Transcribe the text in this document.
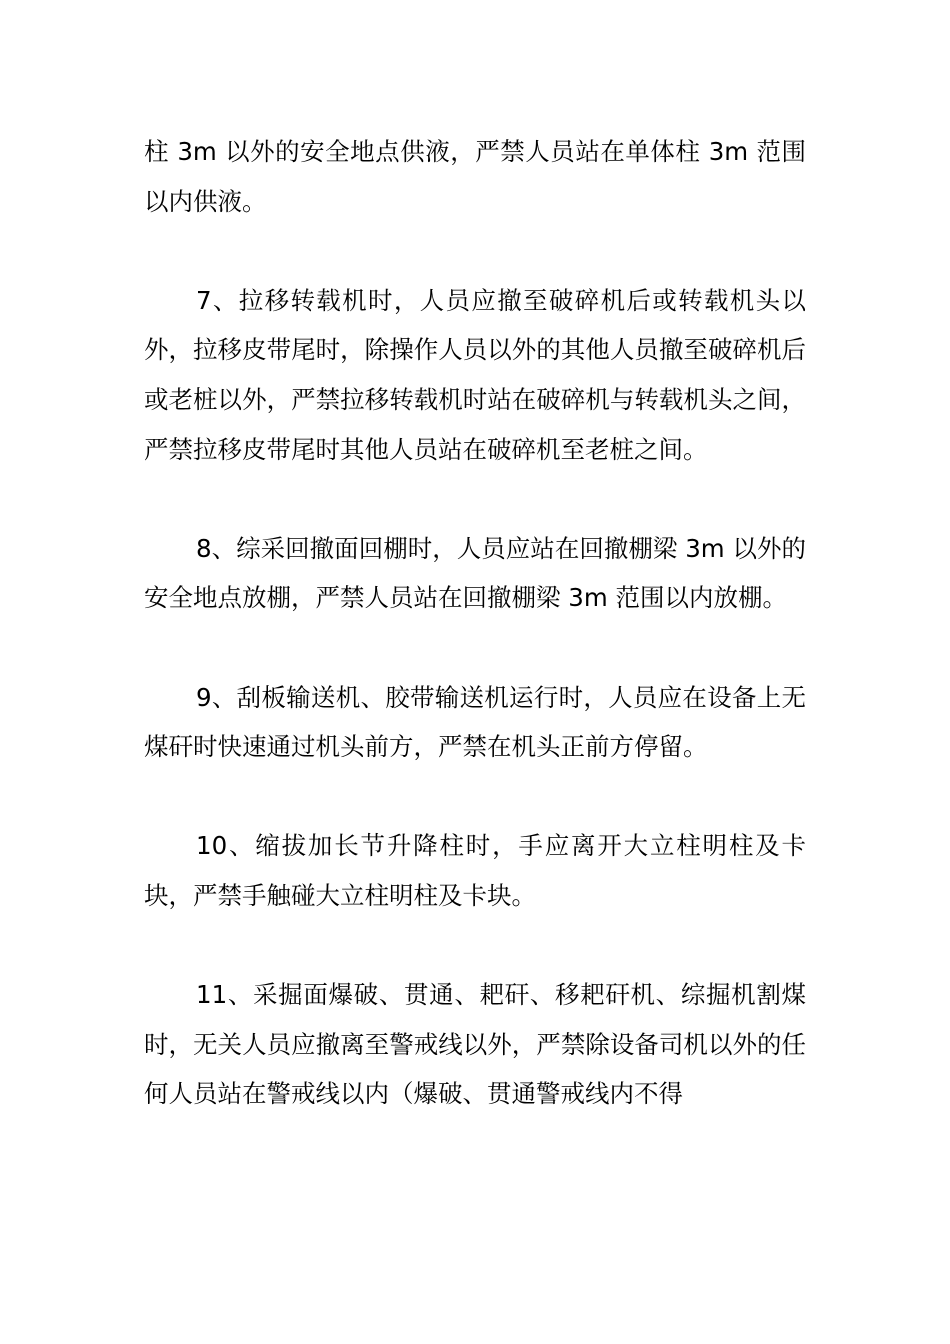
柱 3m 以外的安全地点供液，严禁人员站在单体柱 3m 范围以内供液。

7、拉移转载机时，人员应撤至破碎机后或转载机头以外，拉移皮带尾时，除操作人员以外的其他人员撤至破碎机后或老桩以外，严禁拉移转载机时站在破碎机与转载机头之间，严禁拉移皮带尾时其他人员站在破碎机至老桩之间。

8、综采回撤面回棚时，人员应站在回撤棚梁 3m 以外的安全地点放棚，严禁人员站在回撤棚梁 3m 范围以内放棚。

9、刮板输送机、胶带输送机运行时，人员应在设备上无煤矸时快速通过机头前方，严禁在机头正前方停留。

10、缩拔加长节升降柱时，手应离开大立柱明柱及卡块，严禁手触碰大立柱明柱及卡块。

11、采掘面爆破、贯通、耙矸、移耙矸机、综掘机割煤时，无关人员应撤离至警戒线以外，严禁除设备司机以外的任何人员站在警戒线以内（爆破、贯通警戒线内不得
